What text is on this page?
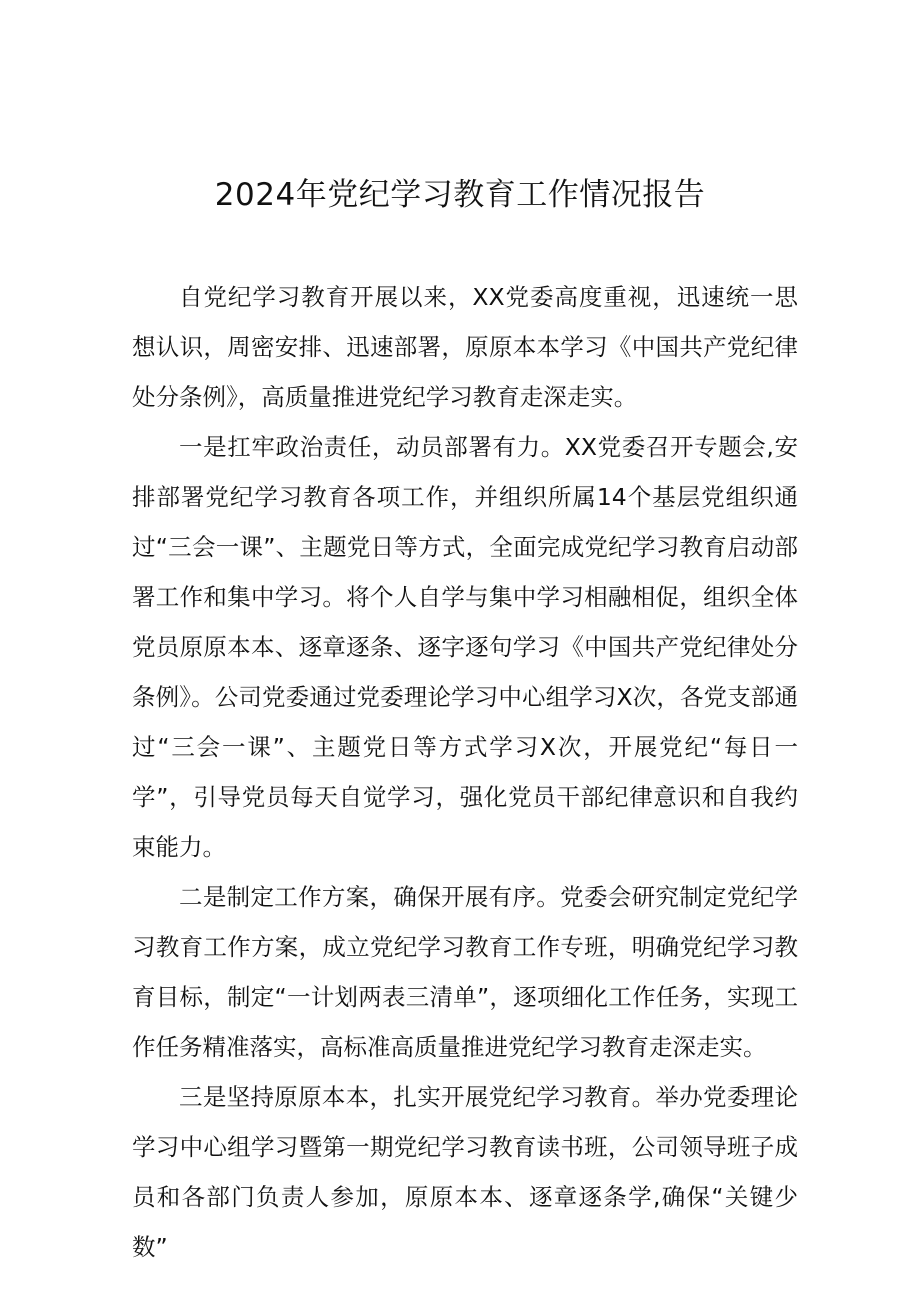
2024年党纪学习教育工作情况报告

自党纪学习教育开展以来，XX党委高度重视，迅速统一思想认识，周密安排、迅速部署，原原本本学习《中国共产党纪律处分条例》，高质量推进党纪学习教育走深走实。

一是扛牢政治责任，动员部署有力。XX党委召开专题会,安排部署党纪学习教育各项工作，并组织所属14个基层党组织通过“三会一课”、主题党日等方式，全面完成党纪学习教育启动部署工作和集中学习。将个人自学与集中学习相融相促，组织全体党员原原本本、逐章逐条、逐字逐句学习《中国共产党纪律处分条例》。公司党委通过党委理论学习中心组学习X次，各党支部通过“三会一课”、主题党日等方式学习X次，开展党纪“每日一学”，引导党员每天自觉学习，强化党员干部纪律意识和自我约束能力。

二是制定工作方案，确保开展有序。党委会研究制定党纪学习教育工作方案，成立党纪学习教育工作专班，明确党纪学习教育目标，制定“一计划两表三清单”，逐项细化工作任务，实现工作任务精准落实，高标准高质量推进党纪学习教育走深走实。

三是坚持原原本本，扎实开展党纪学习教育。举办党委理论学习中心组学习暨第一期党纪学习教育读书班，公司领导班子成员和各部门负责人参加，原原本本、逐章逐条学,确保“关键少数”
